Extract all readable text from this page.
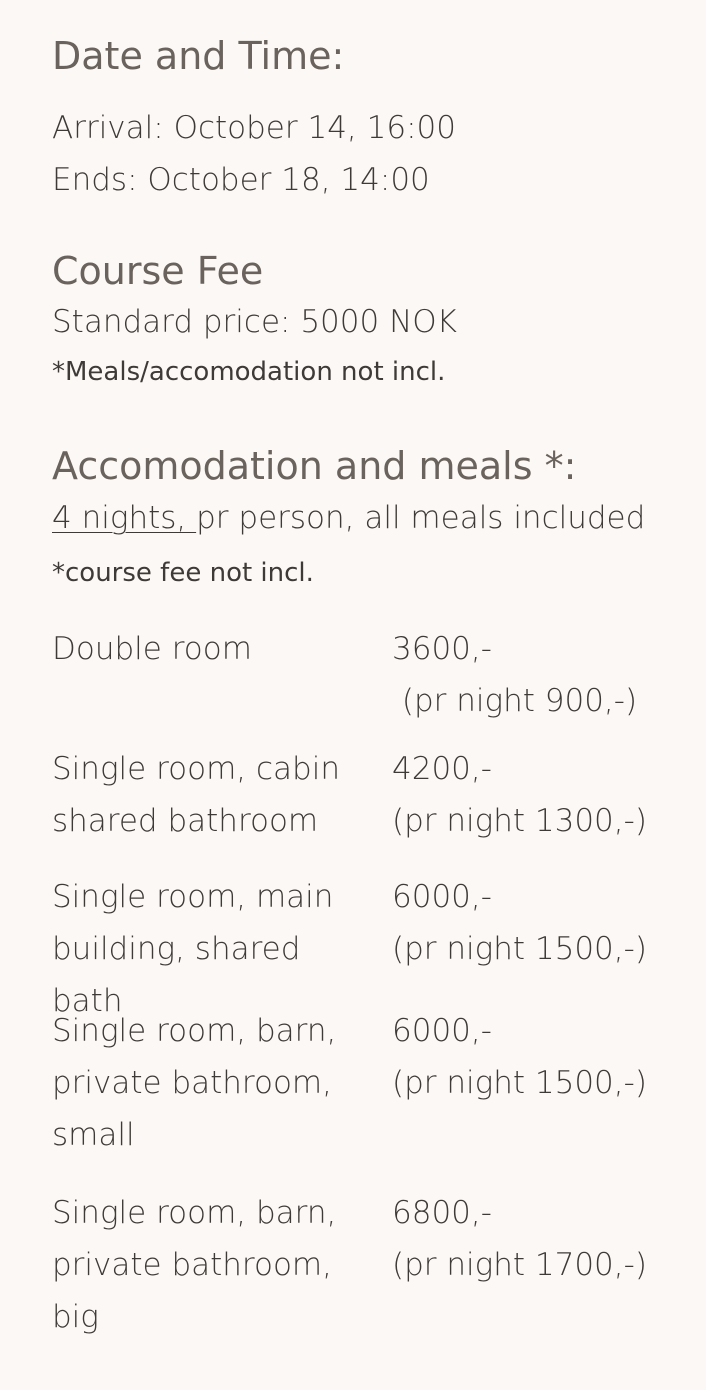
Date and Time:
Arrival: October 14, 16:00
Ends: October 18, 14:00
Course Fee
Standard price: 5000 NOK
*Meals/accomodation not incl.
Accomodation and meals *:
4 nights, pr person, all meals included
*course fee not incl.
Double room	3600,-
(pr night 900,-)
Single room, cabin shared bathroom
4200,-
(pr night 1300,-)
Single room, main building, shared bath
6000,-
(pr night 1500,-)
Single room, barn, private bathroom, small
6000,-
(pr night 1500,-)
Single room, barn, private bathroom, big
6800,-
(pr night 1700,-)
